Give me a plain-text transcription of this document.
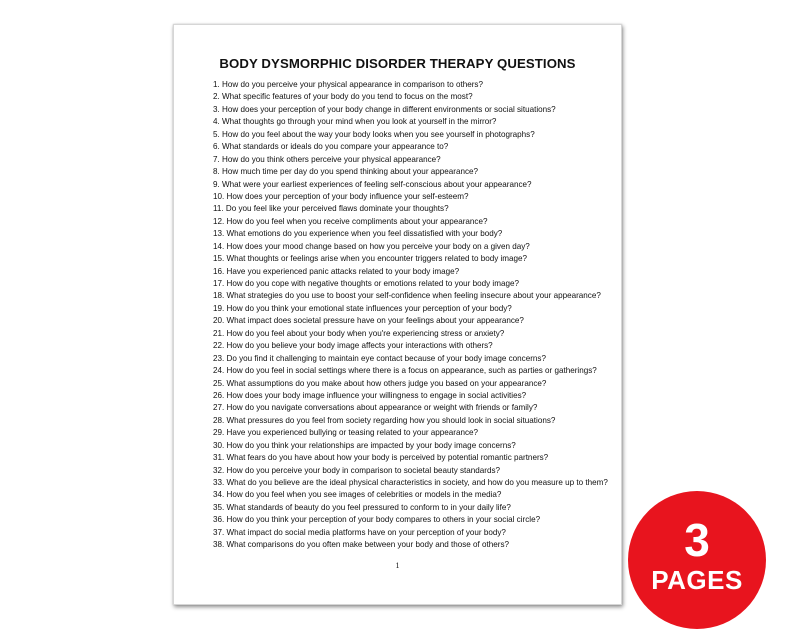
BODY DYSMORPHIC DISORDER THERAPY QUESTIONS
1. How do you perceive your physical appearance in comparison to others?
2. What specific features of your body do you tend to focus on the most?
3. How does your perception of your body change in different environments or social situations?
4. What thoughts go through your mind when you look at yourself in the mirror?
5. How do you feel about the way your body looks when you see yourself in photographs?
6. What standards or ideals do you compare your appearance to?
7. How do you think others perceive your physical appearance?
8. How much time per day do you spend thinking about your appearance?
9. What were your earliest experiences of feeling self-conscious about your appearance?
10. How does your perception of your body influence your self-esteem?
11. Do you feel like your perceived flaws dominate your thoughts?
12. How do you feel when you receive compliments about your appearance?
13. What emotions do you experience when you feel dissatisfied with your body?
14. How does your mood change based on how you perceive your body on a given day?
15. What thoughts or feelings arise when you encounter triggers related to body image?
16. Have you experienced panic attacks related to your body image?
17. How do you cope with negative thoughts or emotions related to your body image?
18. What strategies do you use to boost your self-confidence when feeling insecure about your appearance?
19. How do you think your emotional state influences your perception of your body?
20. What impact does societal pressure have on your feelings about your appearance?
21. How do you feel about your body when you're experiencing stress or anxiety?
22. How do you believe your body image affects your interactions with others?
23. Do you find it challenging to maintain eye contact because of your body image concerns?
24. How do you feel in social settings where there is a focus on appearance, such as parties or gatherings?
25. What assumptions do you make about how others judge you based on your appearance?
26. How does your body image influence your willingness to engage in social activities?
27. How do you navigate conversations about appearance or weight with friends or family?
28. What pressures do you feel from society regarding how you should look in social situations?
29. Have you experienced bullying or teasing related to your appearance?
30. How do you think your relationships are impacted by your body image concerns?
31. What fears do you have about how your body is perceived by potential romantic partners?
32. How do you perceive your body in comparison to societal beauty standards?
33. What do you believe are the ideal physical characteristics in society, and how do you measure up to them?
34. How do you feel when you see images of celebrities or models in the media?
35. What standards of beauty do you feel pressured to conform to in your daily life?
36. How do you think your perception of your body compares to others in your social circle?
37. What impact do social media platforms have on your perception of your body?
38. What comparisons do you often make between your body and those of others?
1	3
PAGES
